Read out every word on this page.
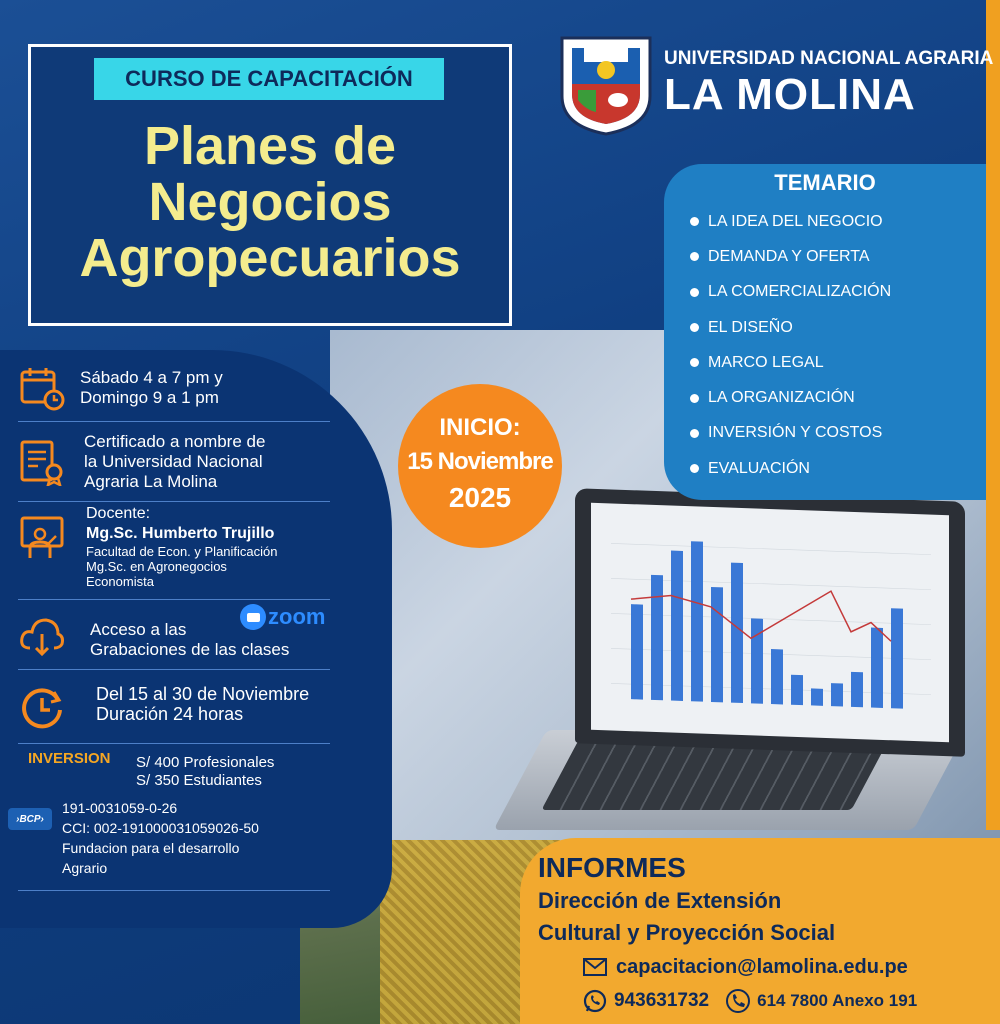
CURSO DE CAPACITACIÓN
Planes de
Negocios
Agropecuarios
UNIVERSIDAD NACIONAL AGRARIA
LA MOLINA
TEMARIO
LA IDEA DEL NEGOCIO
DEMANDA Y OFERTA
LA COMERCIALIZACIÓN
EL DISEÑO
MARCO LEGAL
LA ORGANIZACIÓN
INVERSIÓN Y COSTOS
EVALUACIÓN
Sábado 4 a 7 pm y
Domingo 9 a 1 pm
Certificado a nombre de
la Universidad Nacional
Agraria La Molina
Docente:
Mg.Sc. Humberto Trujillo
Facultad de Econ. y Planificación
Mg.Sc. en Agronegocios
Economista
Acceso a las
Grabaciones de las clases
zoom
Del 15 al 30 de Noviembre
Duración 24 horas
INVERSION S/ 400 Profesionales
S/ 350 Estudiantes
›BCP›
191-0031059-0-26
CCI: 002-191000031059026-50
Fundacion para el desarrollo
Agrario
INICIO:
15 Noviembre
2025
INFORMES
Dirección de Extensión
Cultural y Proyección Social
capacitacion@lamolina.edu.pe
943631732	614 7800 Anexo 191
